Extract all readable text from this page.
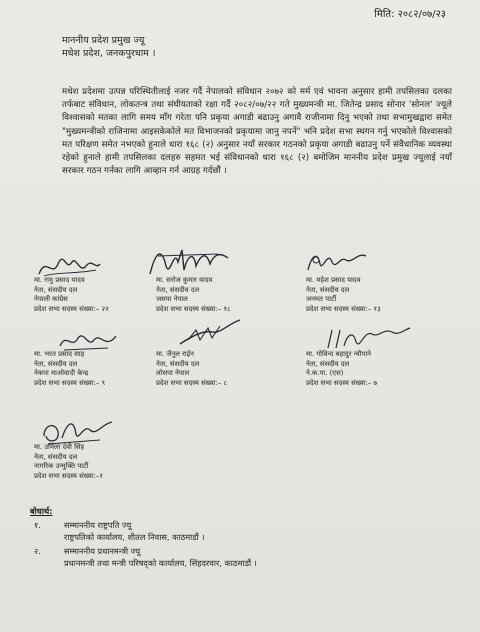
मिति: २०८२/०७/२३
माननीय प्रदेश प्रमुख ज्यू
मधेश प्रदेश, जनकपुरधाम ।
मधेश प्रदेशमा उत्पन्न परिस्थितीलाई नजर गर्दै नेपालको संविधान २०७२ को मर्म एवं भावना अनुसार हामी तपसिलका दलका तर्फबाट संविधान, लोकतन्त्र तथा संघीयताको रक्षा गर्दै २०८२/०७/२२ गते मुख्यमन्त्री मा. जितेन्द्र प्रसाद सोनार 'सोनल' ज्यूले विश्वासको मतका लागि समय माँग गरेता पनि प्रकृया अगाडी बढाउनु अगावै राजीनामा दिनु भएको तथा सभामुखद्वारा समेत "मुख्यमन्त्रीको राजिनामा आइसकेकोले मत विभाजनको प्रकृयामा जानु नपर्ने" भनि प्रदेश सभा स्थगन गर्नु भएकोले विश्वासको मत परिक्षण समेत नभएको हुनाले धारा १६८ (२) अनुसार नयाँ सरकार गठनको प्रकृया अगाडी बढाउनु पर्ने संवैधानिक व्यवस्था रहेको हुनाले हामी तपसिलका दलहरु सहमत भई संविधानको धारा १६८ (२) बमोजिम माननीय प्रदेश प्रमुख ज्यूलाई नयाँ सरकार गठन गर्नका लागि आव्हान गर्न आग्रह गर्दछौं ।
मा. रामु प्रसाद यादव
नेता, संसदीय दल
नेपाली कांग्रेस
प्रदेश सभा सदस्य संख्या:– २२
मा. सरोज कुमार यादव
नेता, संसदीय दल
जसपा नेपाल
प्रदेश सभा सदस्य संख्या:– १८
मा. महेश प्रसाद यादव
नेता, संसदीय दल
जनमत पार्टी
प्रदेश सभा सदस्य संख्या:– १३
मा. भरत प्रसाद साह
नेता, संसदीय दल
नेकपा माओवादी केन्द्र
प्रदेश सभा सदस्य संख्या:– ९
मा. जैनुल राईन
नेता, संसदीय दल
लोसपा नेपाल
प्रदेश सभा सदस्य संख्या:– ८
मा. गोविन्द बहादुर न्यौपाने
नेता, संसदीय दल
ने.क.पा. (एस)
प्रदेश सभा सदस्य संख्या:– ७
मा. उर्मिला देवी सिंह
नेता, संसदीय दल
नागरिक उन्मुक्ति पार्टी
प्रदेश सभा सदस्य संख्या:–१
बोधार्थ:
१.	सम्माननीय राष्ट्रपति ज्यू
राष्ट्रपतिको कार्यालय, शीतल निवास, काठमाडौं ।
२.	सम्माननीय प्रधानमन्त्री ज्यू
प्रधानमन्त्री तथा मन्त्री परिषद्को कार्यालय, सिंहदरवार, काठमाडौं ।
